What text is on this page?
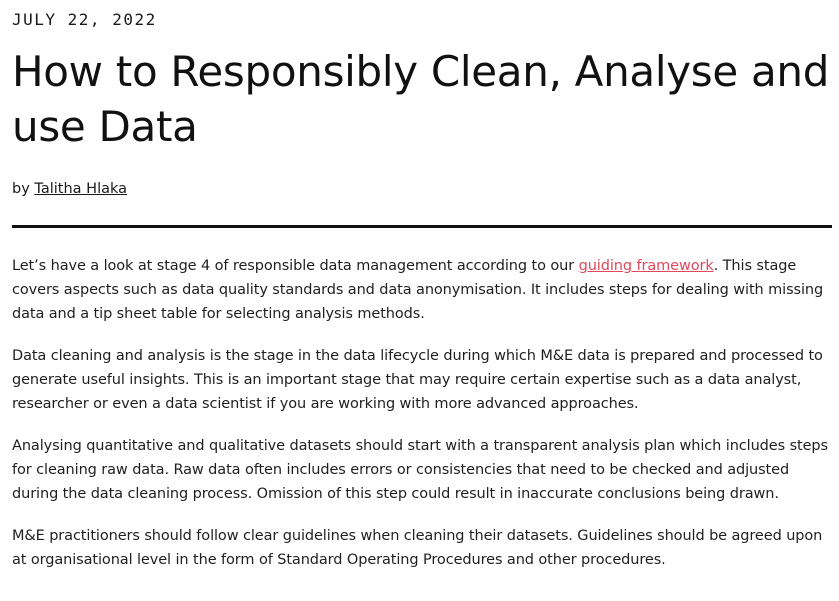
JULY 22, 2022
How to Responsibly Clean, Analyse and use Data
by Talitha Hlaka

Let’s have a look at stage 4 of responsible data management according to our guiding framework. This stage covers aspects such as data quality standards and data anonymisation. It includes steps for dealing with missing data and a tip sheet table for selecting analysis methods.

Data cleaning and analysis is the stage in the data lifecycle during which M&E data is prepared and processed to generate useful insights. This is an important stage that may require certain expertise such as a data analyst, researcher or even a data scientist if you are working with more advanced approaches.

Analysing quantitative and qualitative datasets should start with a transparent analysis plan which includes steps for cleaning raw data. Raw data often includes errors or consistencies that need to be checked and adjusted during the data cleaning process. Omission of this step could result in inaccurate conclusions being drawn.

M&E practitioners should follow clear guidelines when cleaning their datasets. Guidelines should be agreed upon at organisational level in the form of Standard Operating Procedures and other procedures.
